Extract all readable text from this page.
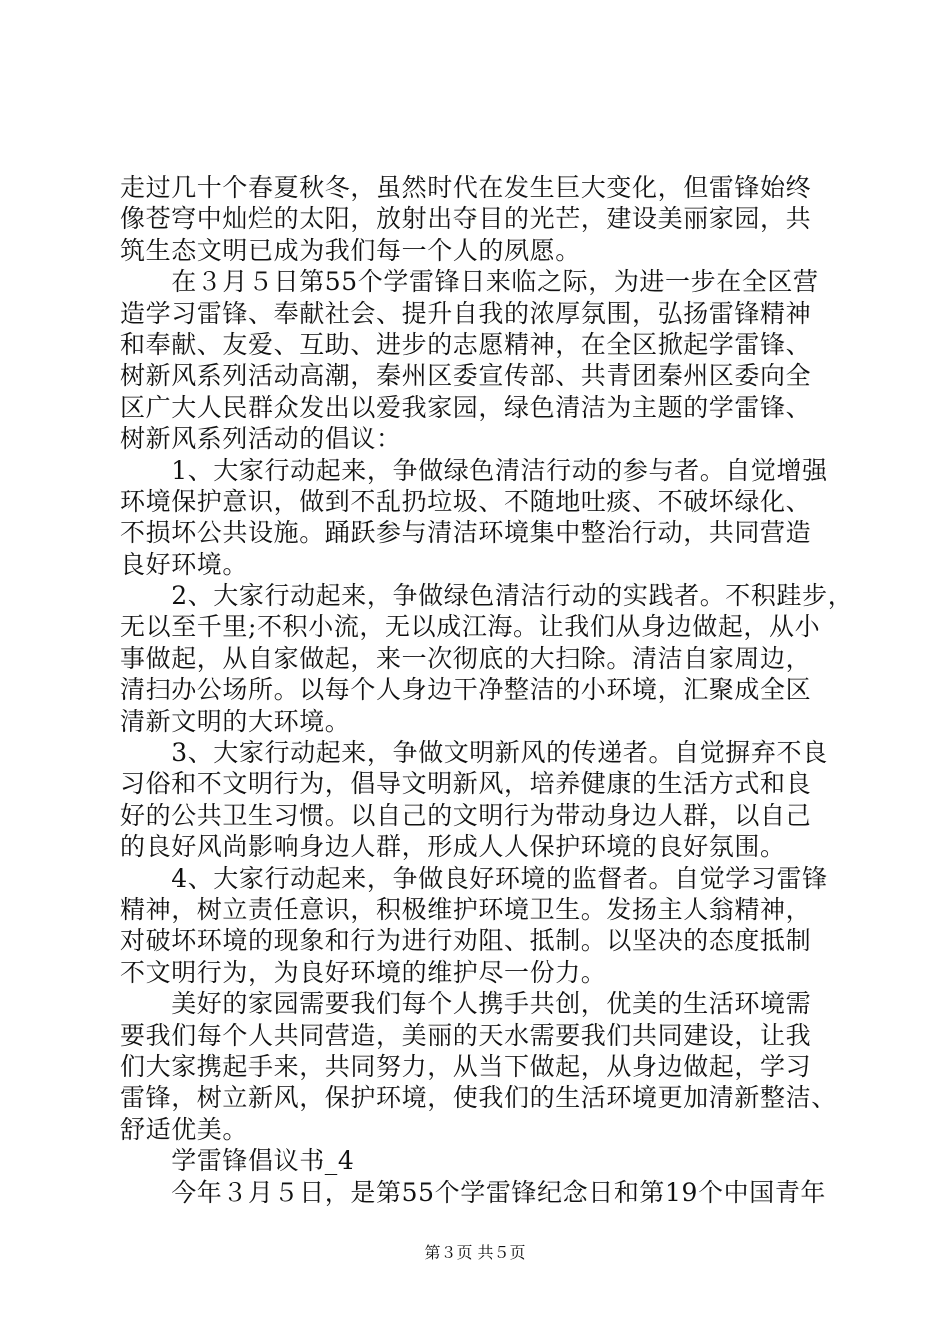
走过几十个春夏秋冬，虽然时代在发生巨大变化，但雷锋始终
像苍穹中灿烂的太阳，放射出夺目的光芒，建设美丽家园，共
筑生态文明已成为我们每一个人的夙愿。
　　在３月５日第55个学雷锋日来临之际，为进一步在全区营
造学习雷锋、奉献社会、提升自我的浓厚氛围，弘扬雷锋精神
和奉献、友爱、互助、进步的志愿精神，在全区掀起学雷锋、
树新风系列活动高潮，秦州区委宣传部、共青团秦州区委向全
区广大人民群众发出以爱我家园，绿色清洁为主题的学雷锋、
树新风系列活动的倡议：
　　1、大家行动起来，争做绿色清洁行动的参与者。自觉增强
环境保护意识，做到不乱扔垃圾、不随地吐痰、不破坏绿化、
不损坏公共设施。踊跃参与清洁环境集中整治行动，共同营造
良好环境。
　　2、大家行动起来，争做绿色清洁行动的实践者。不积跬步，
无以至千里;不积小流，无以成江海。让我们从身边做起，从小
事做起，从自家做起，来一次彻底的大扫除。清洁自家周边，
清扫办公场所。以每个人身边干净整洁的小环境，汇聚成全区
清新文明的大环境。
　　3、大家行动起来，争做文明新风的传递者。自觉摒弃不良
习俗和不文明行为，倡导文明新风，培养健康的生活方式和良
好的公共卫生习惯。以自己的文明行为带动身边人群，以自己
的良好风尚影响身边人群，形成人人保护环境的良好氛围。
　　4、大家行动起来，争做良好环境的监督者。自觉学习雷锋
精神，树立责任意识，积极维护环境卫生。发扬主人翁精神，
对破坏环境的现象和行为进行劝阻、抵制。以坚决的态度抵制
不文明行为，为良好环境的维护尽一份力。
　　美好的家园需要我们每个人携手共创，优美的生活环境需
要我们每个人共同营造，美丽的天水需要我们共同建设，让我
们大家携起手来，共同努力，从当下做起，从身边做起，学习
雷锋，树立新风，保护环境，使我们的生活环境更加清新整洁、
舒适优美。
　　学雷锋倡议书_4
　　今年３月５日，是第55个学雷锋纪念日和第19个中国青年
第３页 共５页
